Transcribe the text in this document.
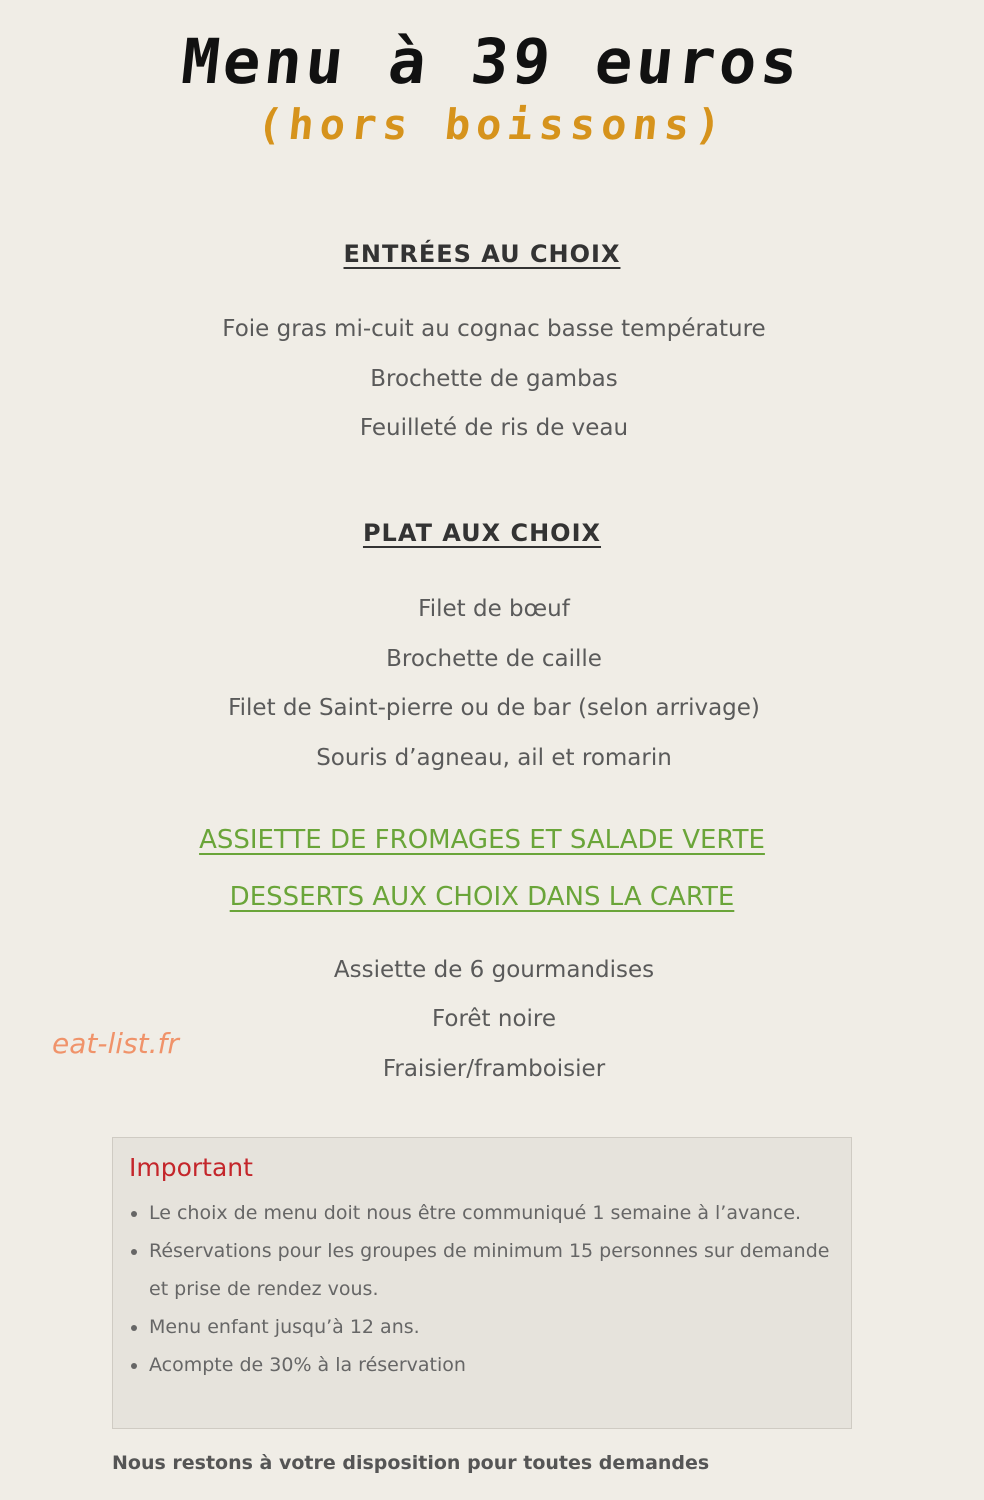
Menu à 39 euros
(hors boissons)
ENTRÉES AU CHOIX
Foie gras mi-cuit au cognac basse température
Brochette de gambas
Feuilleté de ris de veau
PLAT AUX CHOIX
Filet de bœuf
Brochette de caille
Filet de Saint-pierre ou de bar (selon arrivage)
Souris d’agneau, ail et romarin
ASSIETTE DE FROMAGES ET SALADE VERTE
DESSERTS AUX CHOIX DANS LA CARTE
Assiette de 6 gourmandises
Forêt noire
Fraisier/framboisier
eat-list.fr
Important
• Le choix de menu doit nous être communiqué 1 semaine à l’avance.
• Réservations pour les groupes de minimum 15 personnes sur demande et prise de rendez vous.
• Menu enfant jusqu’à 12 ans.
• Acompte de 30% à la réservation
Nous restons à votre disposition pour toutes demandes
